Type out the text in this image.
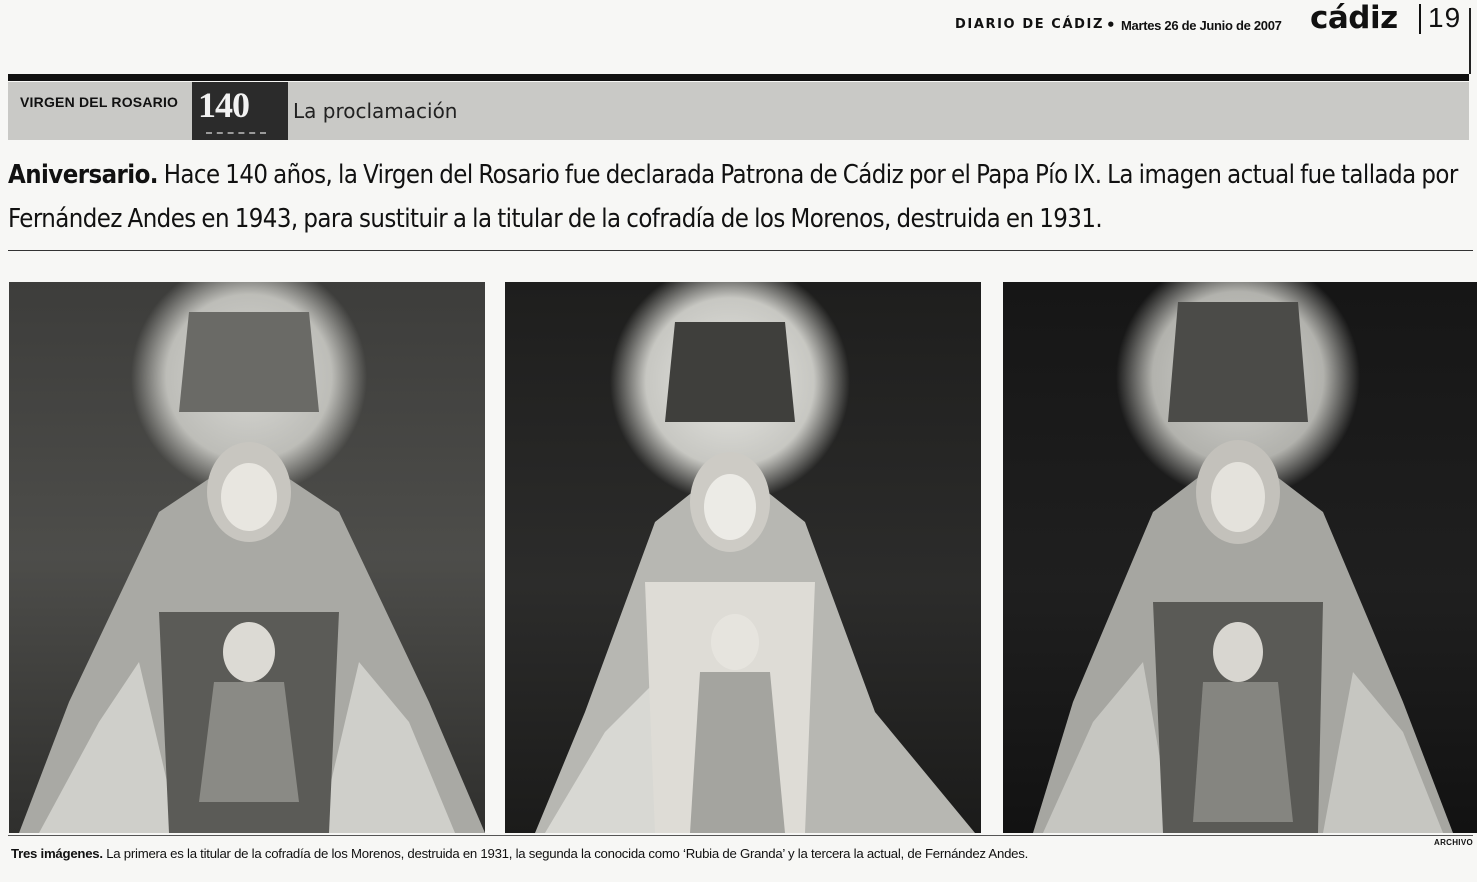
DIARIO DE CÁDIZ • Martes 26 de Junio de 2007 cádiz 19
VIRGEN DEL ROSARIO 140 La proclamación
Aniversario. Hace 140 años, la Virgen del Rosario fue declarada Patrona de Cádiz por el Papa Pío IX. La imagen actual fue tallada por Fernández Andes en 1943, para sustituir a la titular de la cofradía de los Morenos, destruida en 1931.
ARCHIVO
Tres imágenes. La primera es la titular de la cofradía de los Morenos, destruida en 1931, la segunda la conocida como ‘Rubia de Granda’ y la tercera la actual, de Fernández Andes.
